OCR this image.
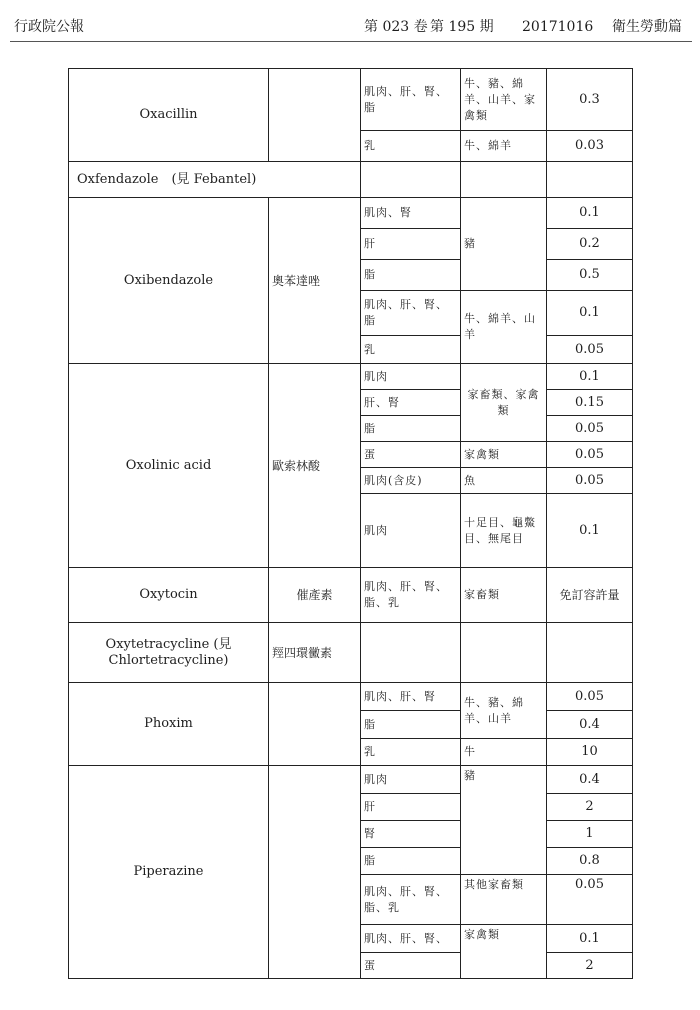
行政院公報	第 023 卷 第 195 期 20171016 衛生勞動篇
Oxacillin		肌肉、肝、腎、脂	牛、豬、綿羊、山羊、家禽類	0.3
		乳	牛、綿羊	0.03
Oxfendazole　(見 Febantel)				
Oxibendazole	奧苯達唑	肌肉、腎	豬	0.1
		肝		0.2
		脂		0.5
		肌肉、肝、腎、脂	牛、綿羊、山羊	0.1
		乳		0.05
Oxolinic acid	歐索林酸	肌肉	家畜類、家禽類	0.1
		肝、腎		0.15
		脂		0.05
		蛋	家禽類	0.05
		肌肉(含皮)	魚	0.05
		肌肉	十足目、龜鱉目、無尾目	0.1
Oxytocin	催產素	肌肉、肝、腎、脂、乳	家畜類	免訂容許量
Oxytetracycline (見 Chlortetracycline)	羥四環黴素			
Phoxim		肌肉、肝、腎	牛、豬、綿羊、山羊	0.05
		脂		0.4
		乳	牛	10
Piperazine		肌肉	豬	0.4
		肝		2
		腎		1
		脂		0.8
		肌肉、肝、腎、脂、乳	其他家畜類	0.05
		肌肉、肝、腎、	家禽類	0.1
		蛋		2
